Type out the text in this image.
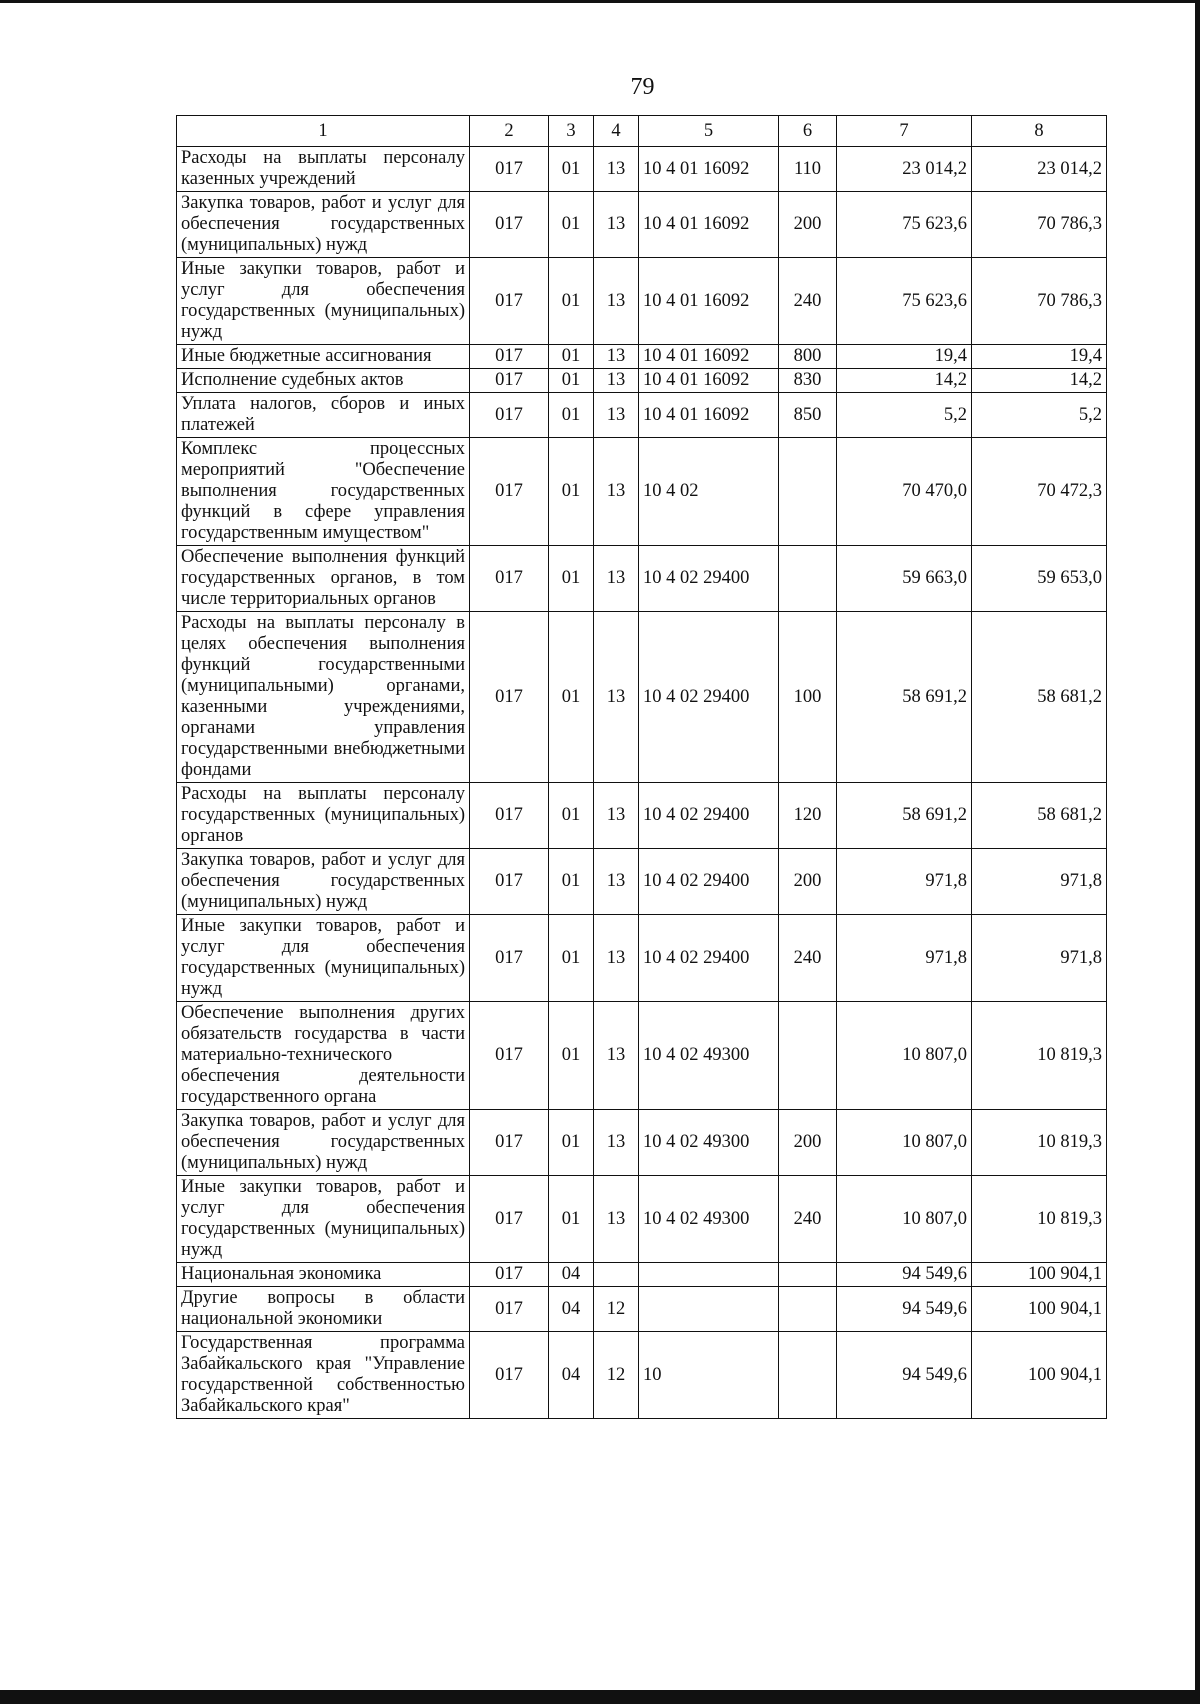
79
1	2	3	4	5	6	7	8
Расходы на выплаты персоналу казенных учреждений	017	01	13	10 4 01 16092	110	23 014,2	23 014,2
Закупка товаров, работ и услуг для обеспечения государственных (муниципальных) нужд	017	01	13	10 4 01 16092	200	75 623,6	70 786,3
Иные закупки товаров, работ и услуг для обеспечения государственных (муниципальных) нужд	017	01	13	10 4 01 16092	240	75 623,6	70 786,3
Иные бюджетные ассигнования	017	01	13	10 4 01 16092	800	19,4	19,4
Исполнение судебных актов	017	01	13	10 4 01 16092	830	14,2	14,2
Уплата налогов, сборов и иных платежей	017	01	13	10 4 01 16092	850	5,2	5,2
Комплекс процессных мероприятий "Обеспечение выполнения государственных функций в сфере управления государственным имуществом"	017	01	13	10 4 02		70 470,0	70 472,3
Обеспечение выполнения функций государственных органов, в том числе территориальных органов	017	01	13	10 4 02 29400		59 663,0	59 653,0
Расходы на выплаты персоналу в целях обеспечения выполнения функций государственными (муниципальными) органами, казенными учреждениями, органами управления государственными внебюджетными фондами	017	01	13	10 4 02 29400	100	58 691,2	58 681,2
Расходы на выплаты персоналу государственных (муниципальных) органов	017	01	13	10 4 02 29400	120	58 691,2	58 681,2
Закупка товаров, работ и услуг для обеспечения государственных (муниципальных) нужд	017	01	13	10 4 02 29400	200	971,8	971,8
Иные закупки товаров, работ и услуг для обеспечения государственных (муниципальных) нужд	017	01	13	10 4 02 29400	240	971,8	971,8
Обеспечение выполнения других обязательств государства в части материально-технического обеспечения деятельности государственного органа	017	01	13	10 4 02 49300		10 807,0	10 819,3
Закупка товаров, работ и услуг для обеспечения государственных (муниципальных) нужд	017	01	13	10 4 02 49300	200	10 807,0	10 819,3
Иные закупки товаров, работ и услуг для обеспечения государственных (муниципальных) нужд	017	01	13	10 4 02 49300	240	10 807,0	10 819,3
Национальная экономика	017	04				94 549,6	100 904,1
Другие вопросы в области национальной экономики	017	04	12			94 549,6	100 904,1
Государственная программа Забайкальского края "Управление государственной собственностью Забайкальского края"	017	04	12	10		94 549,6	100 904,1
